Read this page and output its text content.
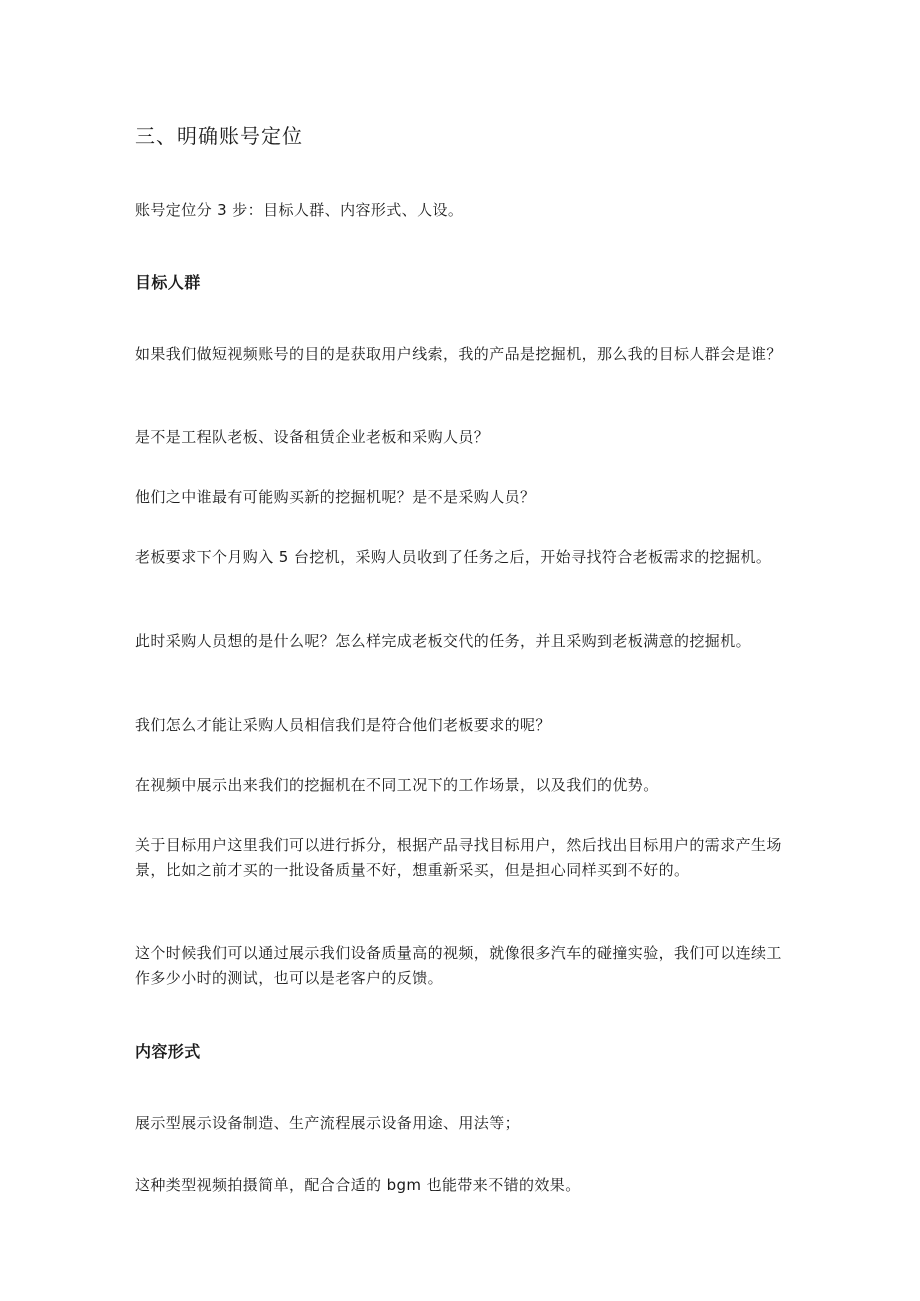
三、明确账号定位

账号定位分 3 步：目标人群、内容形式、人设。

目标人群

如果我们做短视频账号的目的是获取用户线索，我的产品是挖掘机，那么我的目标人群会是谁？

是不是工程队老板、设备租赁企业老板和采购人员？

他们之中谁最有可能购买新的挖掘机呢？是不是采购人员？

老板要求下个月购入 5 台挖机，采购人员收到了任务之后，开始寻找符合老板需求的挖掘机。

此时采购人员想的是什么呢？怎么样完成老板交代的任务，并且采购到老板满意的挖掘机。

我们怎么才能让采购人员相信我们是符合他们老板要求的呢？

在视频中展示出来我们的挖掘机在不同工况下的工作场景，以及我们的优势。

关于目标用户这里我们可以进行拆分，根据产品寻找目标用户，然后找出目标用户的需求产生场景，比如之前才买的一批设备质量不好，想重新采买，但是担心同样买到不好的。

这个时候我们可以通过展示我们设备质量高的视频，就像很多汽车的碰撞实验，我们可以连续工作多少小时的测试，也可以是老客户的反馈。

内容形式

展示型展示设备制造、生产流程展示设备用途、用法等；

这种类型视频拍摄简单，配合合适的 bgm 也能带来不错的效果。
